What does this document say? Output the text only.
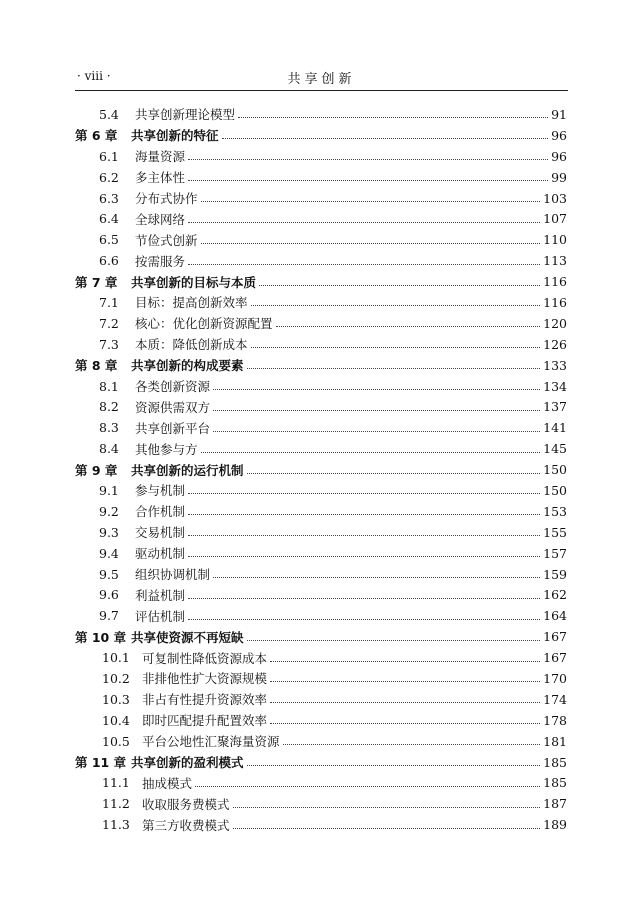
· viii ·	共享创新
5.4	共享创新理论模型	91
第 6 章	共享创新的特征	96
6.1	海量资源	96
6.2	多主体性	99
6.3	分布式协作	103
6.4	全球网络	107
6.5	节俭式创新	110
6.6	按需服务	113
第 7 章	共享创新的目标与本质	116
7.1	目标：提高创新效率	116
7.2	核心：优化创新资源配置	120
7.3	本质：降低创新成本	126
第 8 章	共享创新的构成要素	133
8.1	各类创新资源	134
8.2	资源供需双方	137
8.3	共享创新平台	141
8.4	其他参与方	145
第 9 章	共享创新的运行机制	150
9.1	参与机制	150
9.2	合作机制	153
9.3	交易机制	155
9.4	驱动机制	157
9.5	组织协调机制	159
9.6	利益机制	162
9.7	评估机制	164
第 10 章 共享使资源不再短缺	167
10.1 可复制性降低资源成本	167
10.2 非排他性扩大资源规模	170
10.3 非占有性提升资源效率	174
10.4 即时匹配提升配置效率	178
10.5 平台公地性汇聚海量资源	181
第 11 章 共享创新的盈利模式	185
11.1 抽成模式	185
11.2 收取服务费模式	187
11.3 第三方收费模式	189
